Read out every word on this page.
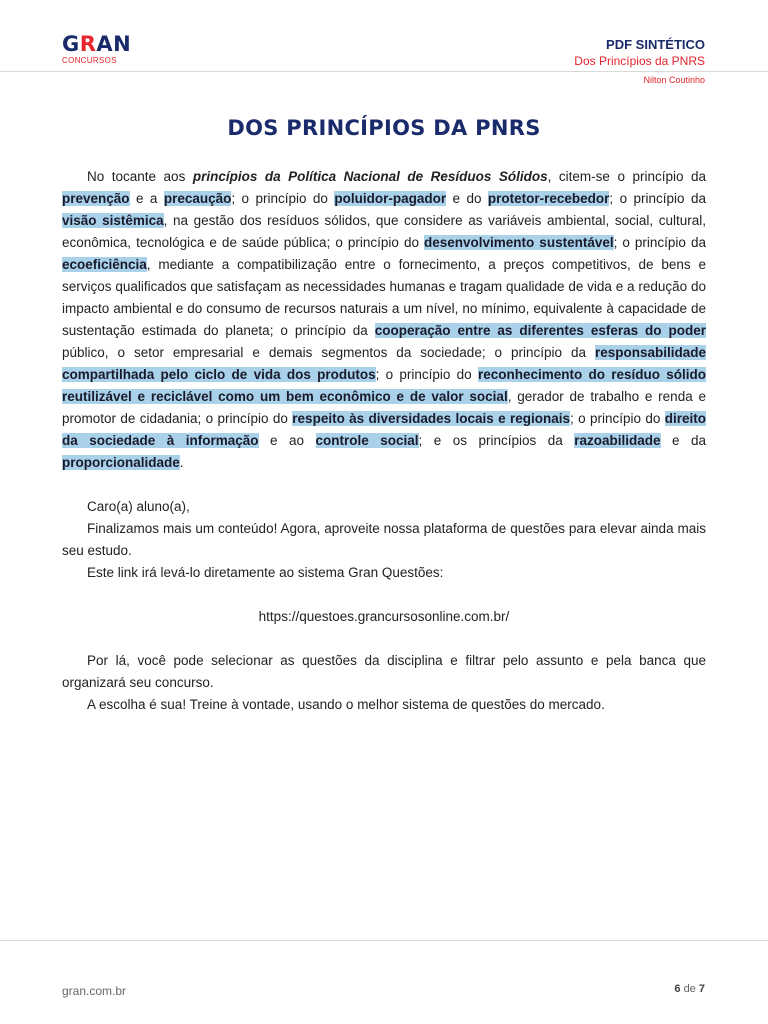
GRAN
CONCURSOS
PDF SINTÉTICO
Dos Princípios da PNRS
Nilton Coutinho
DOS PRINCÍPIOS DA PNRS

No tocante aos princípios da Política Nacional de Resíduos Sólidos, citem-se o princípio da prevenção e a precaução; o princípio do poluidor-pagador e do protetor-recebedor; o princípio da visão sistêmica, na gestão dos resíduos sólidos, que considere as variáveis ambiental, social, cultural, econômica, tecnológica e de saúde pública; o princípio do desenvolvimento sustentável; o princípio da ecoeficiência, mediante a compatibilização entre o fornecimento, a preços competitivos, de bens e serviços qualificados que satisfaçam as necessidades humanas e tragam qualidade de vida e a redução do impacto ambiental e do consumo de recursos naturais a um nível, no mínimo, equivalente à capacidade de sustentação estimada do planeta; o princípio da cooperação entre as diferentes esferas do poder público, o setor empresarial e demais segmentos da sociedade; o princípio da responsabilidade compartilhada pelo ciclo de vida dos produtos; o princípio do reconhecimento do resíduo sólido reutilizável e reciclável como um bem econômico e de valor social, gerador de trabalho e renda e promotor de cidadania; o princípio do respeito às diversidades locais e regionais; o princípio do direito da sociedade à informação e ao controle social; e os princípios da razoabilidade e da proporcionalidade.

Caro(a) aluno(a),

Finalizamos mais um conteúdo! Agora, aproveite nossa plataforma de questões para elevar ainda mais seu estudo.

Este link irá levá-lo diretamente ao sistema Gran Questões:

https://questoes.grancursosonline.com.br/

Por lá, você pode selecionar as questões da disciplina e filtrar pelo assunto e pela banca que organizará seu concurso.

A escolha é sua! Treine à vontade, usando o melhor sistema de questões do mercado.

gran.com.br	6 de 7
